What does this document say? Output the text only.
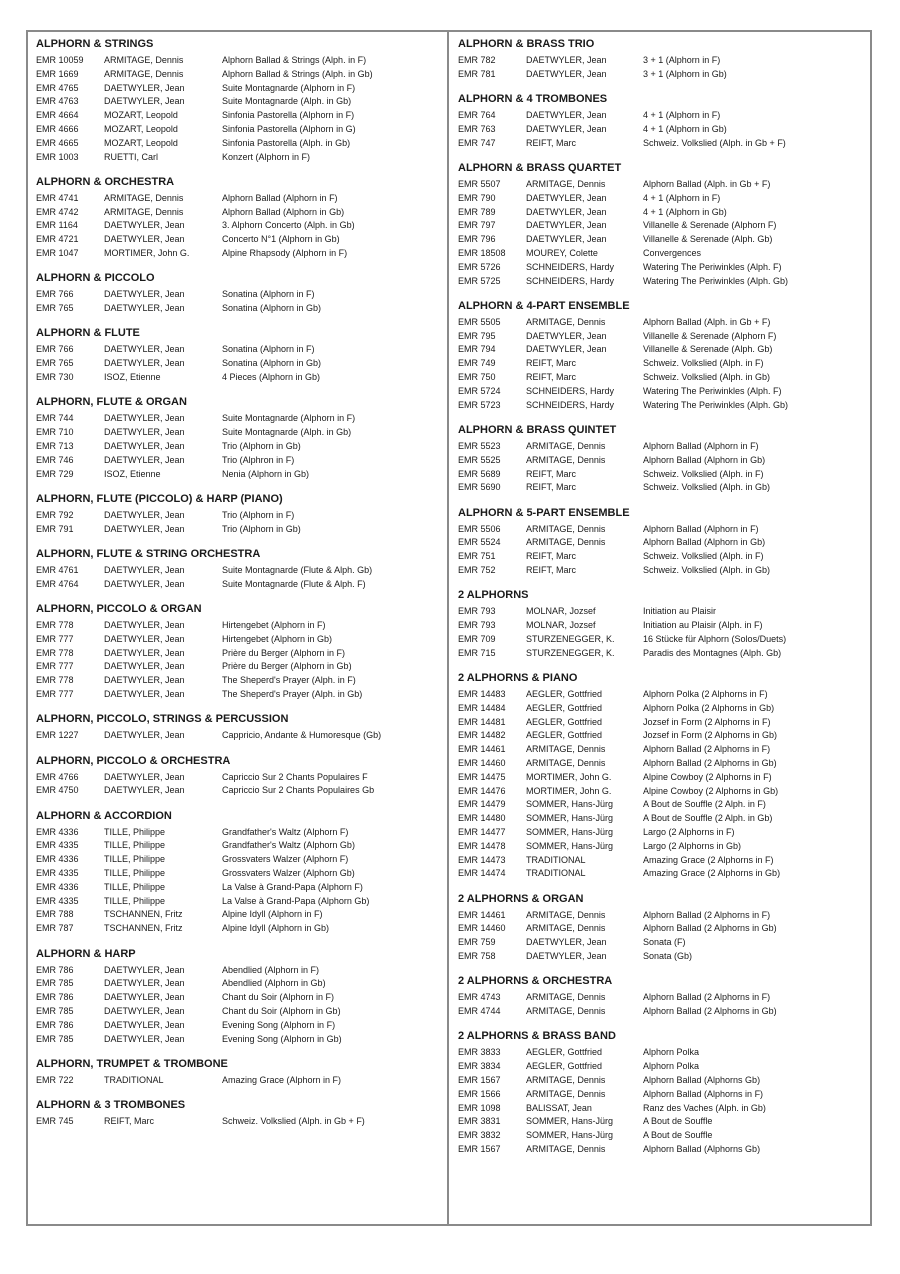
ALPHORN & STRINGS
EMR 10059	ARMITAGE, Dennis	Alphorn Ballad & Strings (Alph. in F)
EMR 1669	ARMITAGE, Dennis	Alphorn Ballad & Strings (Alph. in Gb)
EMR 4765	DAETWYLER, Jean	Suite Montagnarde (Alphorn in F)
EMR 4763	DAETWYLER, Jean	Suite Montagnarde (Alph. in Gb)
EMR 4664	MOZART, Leopold	Sinfonia Pastorella (Alphorn in F)
EMR 4666	MOZART, Leopold	Sinfonia Pastorella (Alphorn in G)
EMR 4665	MOZART, Leopold	Sinfonia Pastorella (Alph. in Gb)
EMR 1003	RUETTI, Carl	Konzert (Alphorn in F)
ALPHORN & ORCHESTRA
EMR 4741	ARMITAGE, Dennis	Alphorn Ballad (Alphorn in F)
EMR 4742	ARMITAGE, Dennis	Alphorn Ballad (Alphorn in Gb)
EMR 1164	DAETWYLER, Jean	3. Alphorn Concerto (Alph. in Gb)
EMR 4721	DAETWYLER, Jean	Concerto N°1 (Alphorn in Gb)
EMR 1047	MORTIMER, John G.	Alpine Rhapsody (Alphorn in F)
ALPHORN & PICCOLO
EMR 766	DAETWYLER, Jean	Sonatina (Alphorn in F)
EMR 765	DAETWYLER, Jean	Sonatina (Alphorn in Gb)
ALPHORN & FLUTE
EMR 766	DAETWYLER, Jean	Sonatina (Alphorn in F)
EMR 765	DAETWYLER, Jean	Sonatina (Alphorn in Gb)
EMR 730	ISOZ, Etienne	4 Pieces (Alphorn in Gb)
ALPHORN, FLUTE & ORGAN
EMR 744	DAETWYLER, Jean	Suite Montagnarde (Alphorn in F)
EMR 710	DAETWYLER, Jean	Suite Montagnarde (Alph. in Gb)
EMR 713	DAETWYLER, Jean	Trio (Alphorn in Gb)
EMR 746	DAETWYLER, Jean	Trio (Alphron in F)
EMR 729	ISOZ, Etienne	Nenia (Alphorn in Gb)
ALPHORN, FLUTE (PICCOLO) & HARP (PIANO)
EMR 792	DAETWYLER, Jean	Trio (Alphorn in F)
EMR 791	DAETWYLER, Jean	Trio (Alphorn in Gb)
ALPHORN, FLUTE & STRING ORCHESTRA
EMR 4761	DAETWYLER, Jean	Suite Montagnarde (Flute & Alph. Gb)
EMR 4764	DAETWYLER, Jean	Suite Montagnarde (Flute & Alph. F)
ALPHORN, PICCOLO & ORGAN
EMR 778	DAETWYLER, Jean	Hirtengebet (Alphorn in F)
EMR 777	DAETWYLER, Jean	Hirtengebet (Alphorn in Gb)
EMR 778	DAETWYLER, Jean	Prière du Berger (Alphorn in F)
EMR 777	DAETWYLER, Jean	Prière du Berger (Alphorn in Gb)
EMR 778	DAETWYLER, Jean	The Sheperd's Prayer (Alph. in F)
EMR 777	DAETWYLER, Jean	The Sheperd's Prayer (Alph. in Gb)
ALPHORN, PICCOLO, STRINGS & PERCUSSION
EMR 1227	DAETWYLER, Jean	Cappricio, Andante & Humoresque (Gb)
ALPHORN, PICCOLO & ORCHESTRA
EMR 4766	DAETWYLER, Jean	Capriccio Sur 2 Chants Populaires F
EMR 4750	DAETWYLER, Jean	Capriccio Sur 2 Chants Populaires Gb
ALPHORN & ACCORDION
EMR 4336	TILLE, Philippe	Grandfather's Waltz (Alphorn F)
EMR 4335	TILLE, Philippe	Grandfather's Waltz (Alphorn Gb)
EMR 4336	TILLE, Philippe	Grossvaters Walzer (Alphorn F)
EMR 4335	TILLE, Philippe	Grossvaters Walzer (Alphorn Gb)
EMR 4336	TILLE, Philippe	La Valse à Grand-Papa (Alphorn F)
EMR 4335	TILLE, Philippe	La Valse à Grand-Papa (Alphorn Gb)
EMR 788	TSCHANNEN, Fritz	Alpine Idyll (Alphorn in F)
EMR 787	TSCHANNEN, Fritz	Alpine Idyll (Alphorn in Gb)
ALPHORN & HARP
EMR 786	DAETWYLER, Jean	Abendlied (Alphorn in F)
EMR 785	DAETWYLER, Jean	Abendlied (Alphorn in Gb)
EMR 786	DAETWYLER, Jean	Chant du Soir (Alphorn in F)
EMR 785	DAETWYLER, Jean	Chant du Soir (Alphorn in Gb)
EMR 786	DAETWYLER, Jean	Evening Song (Alphorn in F)
EMR 785	DAETWYLER, Jean	Evening Song (Alphorn in Gb)
ALPHORN, TRUMPET & TROMBONE
EMR 722	TRADITIONAL	Amazing Grace (Alphorn in F)
ALPHORN & 3 TROMBONES
EMR 745	REIFT, Marc	Schweiz. Volkslied (Alph. in Gb + F)
ALPHORN & BRASS TRIO
EMR 782	DAETWYLER, Jean	3 + 1 (Alphorn in F)
EMR 781	DAETWYLER, Jean	3 + 1 (Alphorn in Gb)
ALPHORN & 4 TROMBONES
EMR 764	DAETWYLER, Jean	4 + 1 (Alphorn in F)
EMR 763	DAETWYLER, Jean	4 + 1 (Alphorn in Gb)
EMR 747	REIFT, Marc	Schweiz. Volkslied (Alph. in Gb + F)
ALPHORN & BRASS QUARTET
EMR 5507	ARMITAGE, Dennis	Alphorn Ballad (Alph. in Gb + F)
EMR 790	DAETWYLER, Jean	4 + 1 (Alphorn in F)
EMR 789	DAETWYLER, Jean	4 + 1 (Alphorn in Gb)
EMR 797	DAETWYLER, Jean	Villanelle & Serenade (Alphorn F)
EMR 796	DAETWYLER, Jean	Villanelle & Serenade (Alph. Gb)
EMR 18508	MOUREY, Colette	Convergences
EMR 5726	SCHNEIDERS, Hardy	Watering The Periwinkles (Alph. F)
EMR 5725	SCHNEIDERS, Hardy	Watering The Periwinkles (Alph. Gb)
ALPHORN & 4-PART ENSEMBLE
EMR 5505	ARMITAGE, Dennis	Alphorn Ballad (Alph. in Gb + F)
EMR 795	DAETWYLER, Jean	Villanelle & Serenade (Alphorn F)
EMR 794	DAETWYLER, Jean	Villanelle & Serenade (Alph. Gb)
EMR 749	REIFT, Marc	Schweiz. Volkslied (Alph. in F)
EMR 750	REIFT, Marc	Schweiz. Volkslied (Alph. in Gb)
EMR 5724	SCHNEIDERS, Hardy	Watering The Periwinkles (Alph. F)
EMR 5723	SCHNEIDERS, Hardy	Watering The Periwinkles (Alph. Gb)
ALPHORN & BRASS QUINTET
EMR 5523	ARMITAGE, Dennis	Alphorn Ballad (Alphorn in F)
EMR 5525	ARMITAGE, Dennis	Alphorn Ballad (Alphorn in Gb)
EMR 5689	REIFT, Marc	Schweiz. Volkslied (Alph. in F)
EMR 5690	REIFT, Marc	Schweiz. Volkslied (Alph. in Gb)
ALPHORN & 5-PART ENSEMBLE
EMR 5506	ARMITAGE, Dennis	Alphorn Ballad (Alphorn in F)
EMR 5524	ARMITAGE, Dennis	Alphorn Ballad (Alphorn in Gb)
EMR 751	REIFT, Marc	Schweiz. Volkslied (Alph. in F)
EMR 752	REIFT, Marc	Schweiz. Volkslied (Alph. in Gb)
2 ALPHORNS
EMR 793	MOLNAR, Jozsef	Initiation au Plaisir
EMR 793	MOLNAR, Jozsef	Initiation au Plaisir (Alph. in F)
EMR 709	STURZENEGGER, K.	16 Stücke für Alphorn (Solos/Duets)
EMR 715	STURZENEGGER, K.	Paradis des Montagnes (Alph. Gb)
2 ALPHORNS & PIANO
EMR 14483	AEGLER, Gottfried	Alphorn Polka (2 Alphorns in F)
EMR 14484	AEGLER, Gottfried	Alphorn Polka (2 Alphorns in Gb)
EMR 14481	AEGLER, Gottfried	Jozsef in Form (2 Alphorns in F)
EMR 14482	AEGLER, Gottfried	Jozsef in Form (2 Alphorns in Gb)
EMR 14461	ARMITAGE, Dennis	Alphorn Ballad (2 Alphorns in F)
EMR 14460	ARMITAGE, Dennis	Alphorn Ballad (2 Alphorns in Gb)
EMR 14475	MORTIMER, John G.	Alpine Cowboy (2 Alphorns in F)
EMR 14476	MORTIMER, John G.	Alpine Cowboy (2 Alphorns in Gb)
EMR 14479	SOMMER, Hans-Jürg	A Bout de Souffle (2 Alph. in F)
EMR 14480	SOMMER, Hans-Jürg	A Bout de Souffle (2 Alph. in Gb)
EMR 14477	SOMMER, Hans-Jürg	Largo (2 Alphorns in F)
EMR 14478	SOMMER, Hans-Jürg	Largo (2 Alphorns in Gb)
EMR 14473	TRADITIONAL	Amazing Grace (2 Alphorns in F)
EMR 14474	TRADITIONAL	Amazing Grace (2 Alphorns in Gb)
2 ALPHORNS & ORGAN
EMR 14461	ARMITAGE, Dennis	Alphorn Ballad (2 Alphorns in F)
EMR 14460	ARMITAGE, Dennis	Alphorn Ballad (2 Alphorns in Gb)
EMR 759	DAETWYLER, Jean	Sonata (F)
EMR 758	DAETWYLER, Jean	Sonata (Gb)
2 ALPHORNS & ORCHESTRA
EMR 4743	ARMITAGE, Dennis	Alphorn Ballad (2 Alphorns in F)
EMR 4744	ARMITAGE, Dennis	Alphorn Ballad (2 Alphorns in Gb)
2 ALPHORNS & BRASS BAND
EMR 3833	AEGLER, Gottfried	Alphorn Polka
EMR 3834	AEGLER, Gottfried	Alphorn Polka
EMR 1567	ARMITAGE, Dennis	Alphorn Ballad (Alphorns Gb)
EMR 1566	ARMITAGE, Dennis	Alphorn Ballad (Alphorns in F)
EMR 1098	BALISSAT, Jean	Ranz des Vaches (Alph. in Gb)
EMR 3831	SOMMER, Hans-Jürg	A Bout de Souffle
EMR 3832	SOMMER, Hans-Jürg	A Bout de Souffle
EMR 1567	ARMITAGE, Dennis	Alphorn Ballad (Alphorns Gb)
